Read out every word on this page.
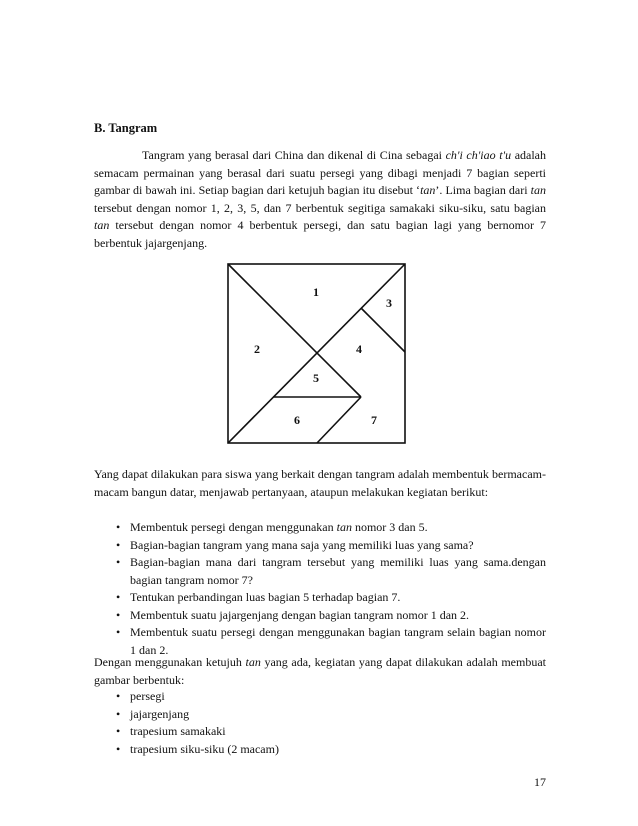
B. Tangram

Tangram yang berasal dari China dan dikenal di Cina sebagai ch'i ch'iao t'u adalah semacam permainan yang berasal dari suatu persegi yang dibagi menjadi 7 bagian seperti gambar di bawah ini. Setiap bagian dari ketujuh bagian itu disebut ‘tan’. Lima bagian dari tan tersebut dengan nomor 1, 2, 3, 5, dan 7 berbentuk segitiga samakaki siku-siku, satu bagian tan tersebut dengan nomor 4 berbentuk persegi, dan satu bagian lagi yang bernomor 7 berbentuk jajargenjang.

1
2
3
4
5
6	7

Yang dapat dilakukan para siswa yang berkait dengan tangram adalah membentuk bermacam-macam bangun datar, menjawab pertanyaan, ataupun melakukan kegiatan berikut:

• Membentuk persegi dengan menggunakan tan nomor 3 dan 5.
• Bagian-bagian tangram yang mana saja yang memiliki luas yang sama?
• Bagian-bagian mana dari tangram tersebut yang memiliki luas yang sama.dengan bagian tangram nomor 7?
• Tentukan perbandingan luas bagian 5 terhadap bagian 7.
• Membentuk suatu jajargenjang dengan bagian tangram nomor 1 dan 2.
• Membentuk suatu persegi dengan menggunakan bagian tangram selain bagian nomor 1 dan 2.

Dengan menggunakan ketujuh tan yang ada, kegiatan yang dapat dilakukan adalah membuat gambar berbentuk:

• persegi
• jajargenjang
• trapesium samakaki
• trapesium siku-siku (2 macam)
17
